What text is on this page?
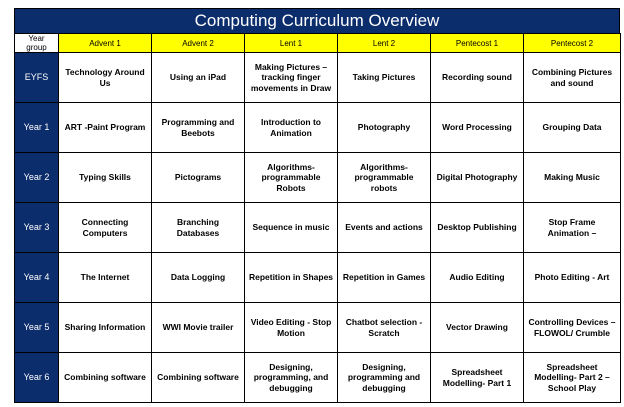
Computing Curriculum Overview
Year group	Advent 1	Advent 2	Lent 1	Lent 2	Pentecost 1	Pentecost 2
EYFS	Technology Around Us	Using an iPad	Making Pictures – tracking finger movements in Draw	Taking Pictures	Recording sound	Combining Pictures and sound
Year 1	ART -Paint Program	Programming and Beebots	Introduction to Animation	Photography	Word Processing	Grouping Data
Year 2	Typing Skills	Pictograms	Algorithms- programmable Robots	Algorithms- programmable robots	Digital Photography	Making Music
Year 3	Connecting Computers	Branching Databases	Sequence in music	Events and actions	Desktop Publishing	Stop Frame Animation –
Year 4	The Internet	Data Logging	Repetition in Shapes	Repetition in Games	Audio Editing	Photo Editing - Art
Year 5	Sharing Information	WWI Movie trailer	Video Editing - Stop Motion	Chatbot selection - Scratch	Vector Drawing	Controlling Devices – FLOWOL/ Crumble
Year 6	Combining software	Combining software	Designing, programming, and debugging	Designing, programming and debugging	Spreadsheet Modelling- Part 1	Spreadsheet Modelling- Part 2 – School Play
